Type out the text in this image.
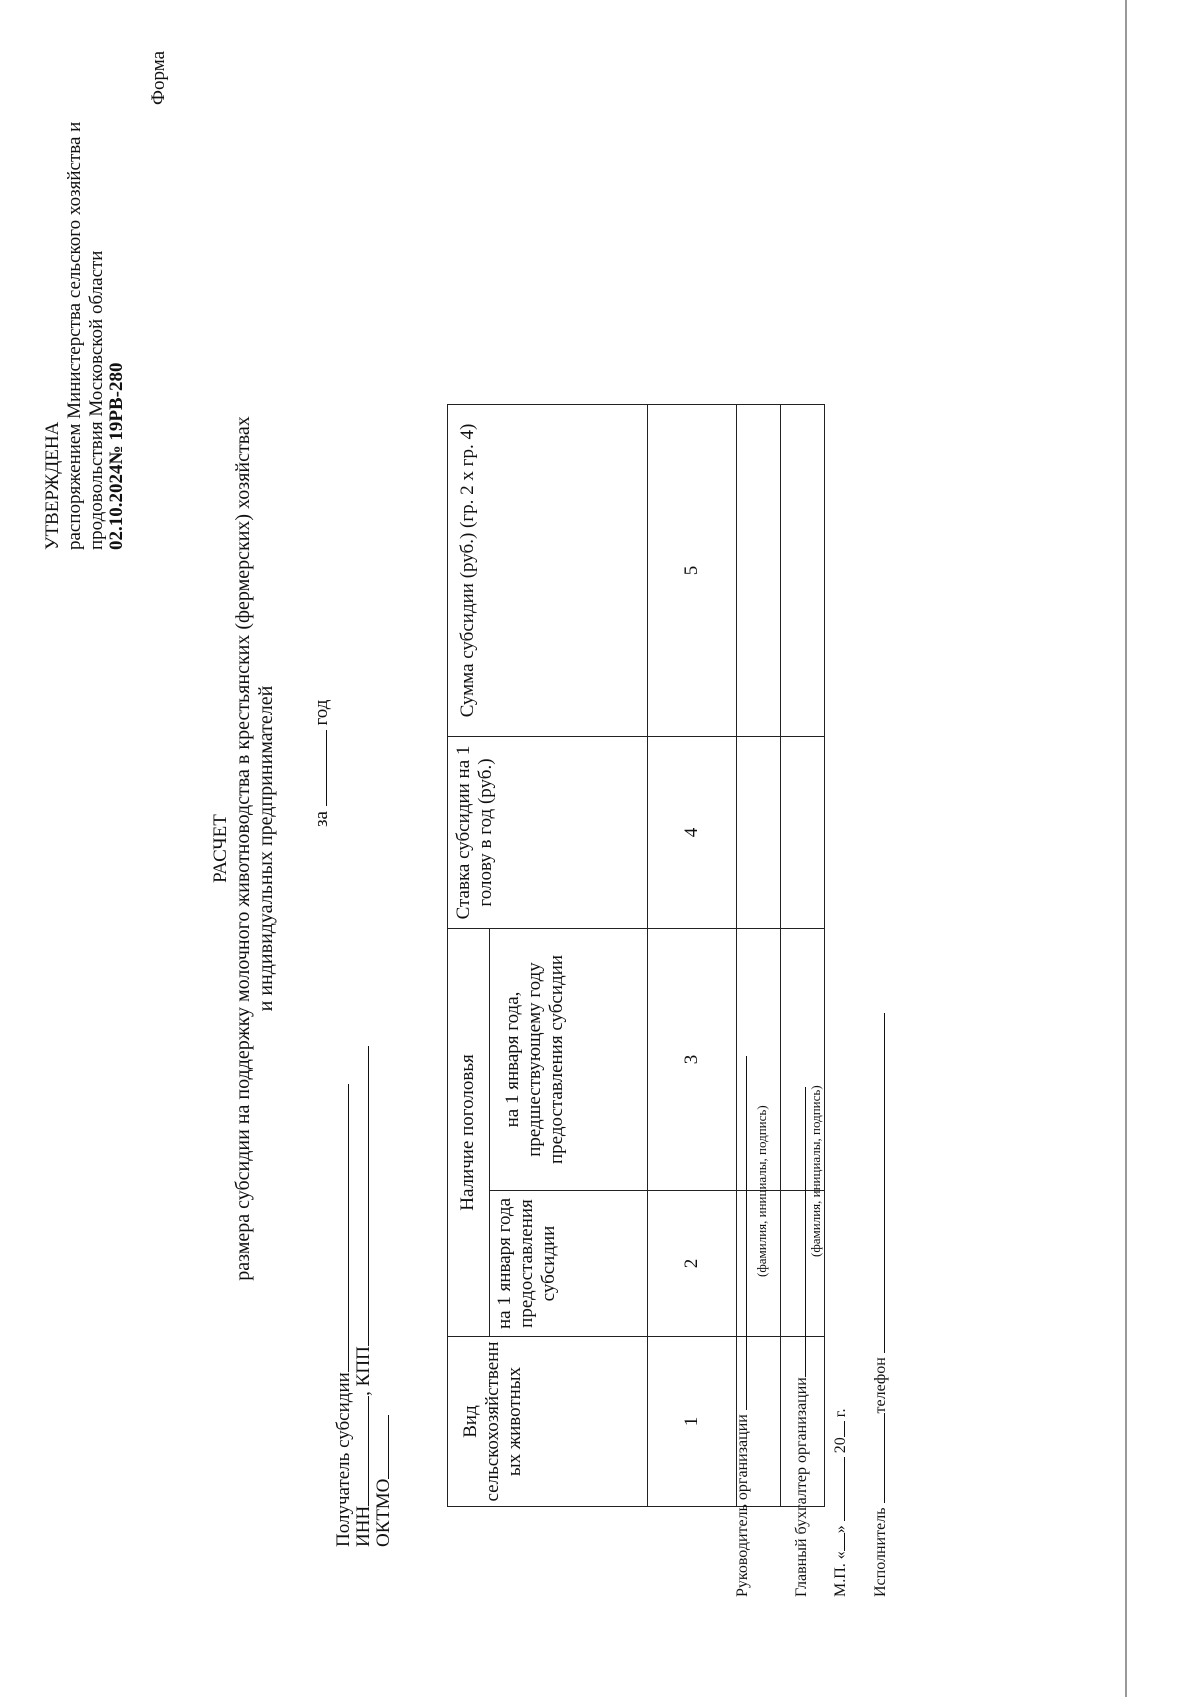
УТВЕРЖДЕНА распоряжением Министерства сельского хозяйства и продовольствия Московской области 02.10.2024№ 19РВ-280
Форма
РАСЧЕТ размера субсидии на поддержку молочного животноводства в крестьянских (фермерских) хозяйствах и индивидуальных предпринимателей за  год
Получатель субсидии ИНН, КПП
ОКТМО
Вид сельскохозяйственн ых животных	Наличие поголовья		Ставка субсидии на 1 голову в год (руб.)	Сумма субсидии (руб.) (гр. 2 х гр. 4)
	на 1 января года предоставления субсидии	на 1 января года, предшествующему году предоставления субсидии		
1	2	3	4	5

Руководитель организации
(фамилия, инициалы, подпись)
Главный бухгалтер организации
(фамилия, инициалы, подпись)
М.П. «»  20 г.
Исполнитель телефон
